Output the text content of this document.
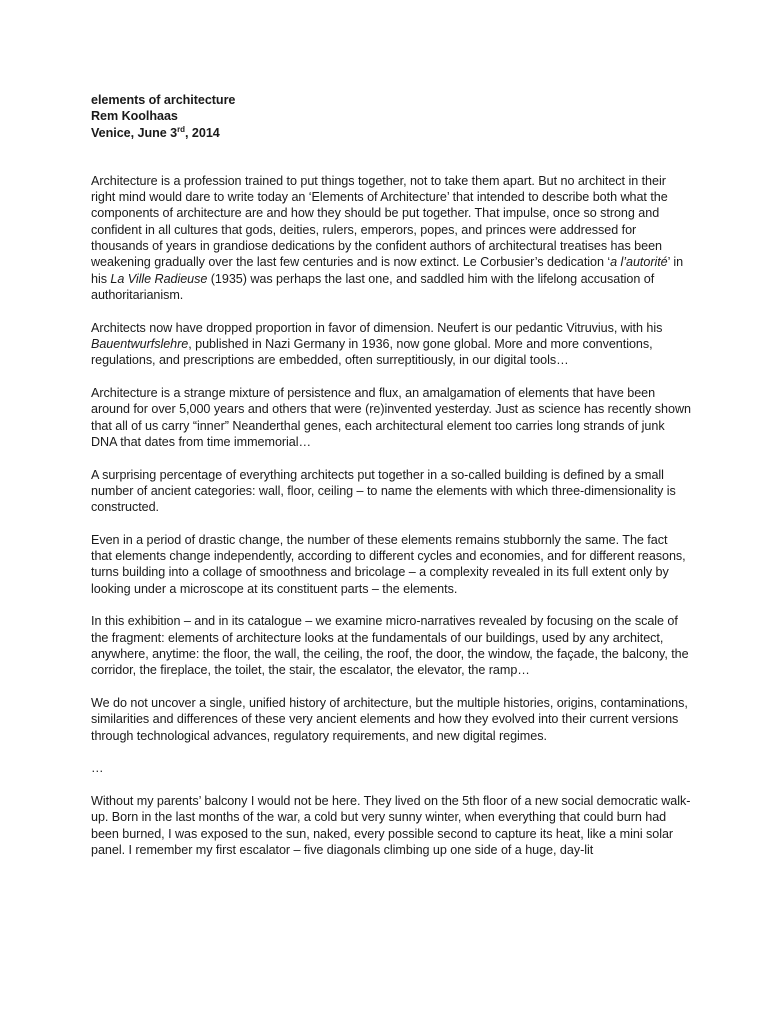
elements of architecture
Rem Koolhaas
Venice, June 3rd, 2014

Architecture is a profession trained to put things together, not to take them apart. But no architect in their right mind would dare to write today an ‘Elements of Architecture’ that intended to describe both what the components of architecture are and how they should be put together. That impulse, once so strong and confident in all cultures that gods, deities, rulers, emperors, popes, and princes were addressed for thousands of years in grandiose dedications by the confident authors of architectural treatises has been weakening gradually over the last few centuries and is now extinct. Le Corbusier’s dedication ‘a l’autorité’ in his La Ville Radieuse (1935) was perhaps the last one, and saddled him with the lifelong accusation of authoritarianism.

Architects now have dropped proportion in favor of dimension. Neufert is our pedantic Vitruvius, with his Bauentwurfslehre, published in Nazi Germany in 1936, now gone global. More and more conventions, regulations, and prescriptions are embedded, often surreptitiously, in our digital tools…

Architecture is a strange mixture of persistence and flux, an amalgamation of elements that have been around for over 5,000 years and others that were (re)invented yesterday. Just as science has recently shown that all of us carry “inner” Neanderthal genes, each architectural element too carries long strands of junk DNA that dates from time immemorial…

A surprising percentage of everything architects put together in a so-called building is defined by a small number of ancient categories: wall, floor, ceiling – to name the elements with which three-dimensionality is constructed.

Even in a period of drastic change, the number of these elements remains stubbornly the same. The fact that elements change independently, according to different cycles and economies, and for different reasons, turns building into a collage of smoothness and bricolage – a complexity revealed in its full extent only by looking under a microscope at its constituent parts – the elements.

In this exhibition – and in its catalogue – we examine micro-narratives revealed by focusing on the scale of the fragment: elements of architecture looks at the fundamentals of our buildings, used by any architect, anywhere, anytime: the floor, the wall, the ceiling, the roof, the door, the window, the façade, the balcony, the corridor, the fireplace, the toilet, the stair, the escalator, the elevator, the ramp…

We do not uncover a single, unified history of architecture, but the multiple histories, origins, contaminations, similarities and differences of these very ancient elements and how they evolved into their current versions through technological advances, regulatory requirements, and new digital regimes.

…

Without my parents’ balcony I would not be here. They lived on the 5th floor of a new social democratic walk-up. Born in the last months of the war, a cold but very sunny winter, when everything that could burn had been burned, I was exposed to the sun, naked, every possible second to capture its heat, like a mini solar panel. I remember my first escalator – five diagonals climbing up one side of a huge, day-lit
